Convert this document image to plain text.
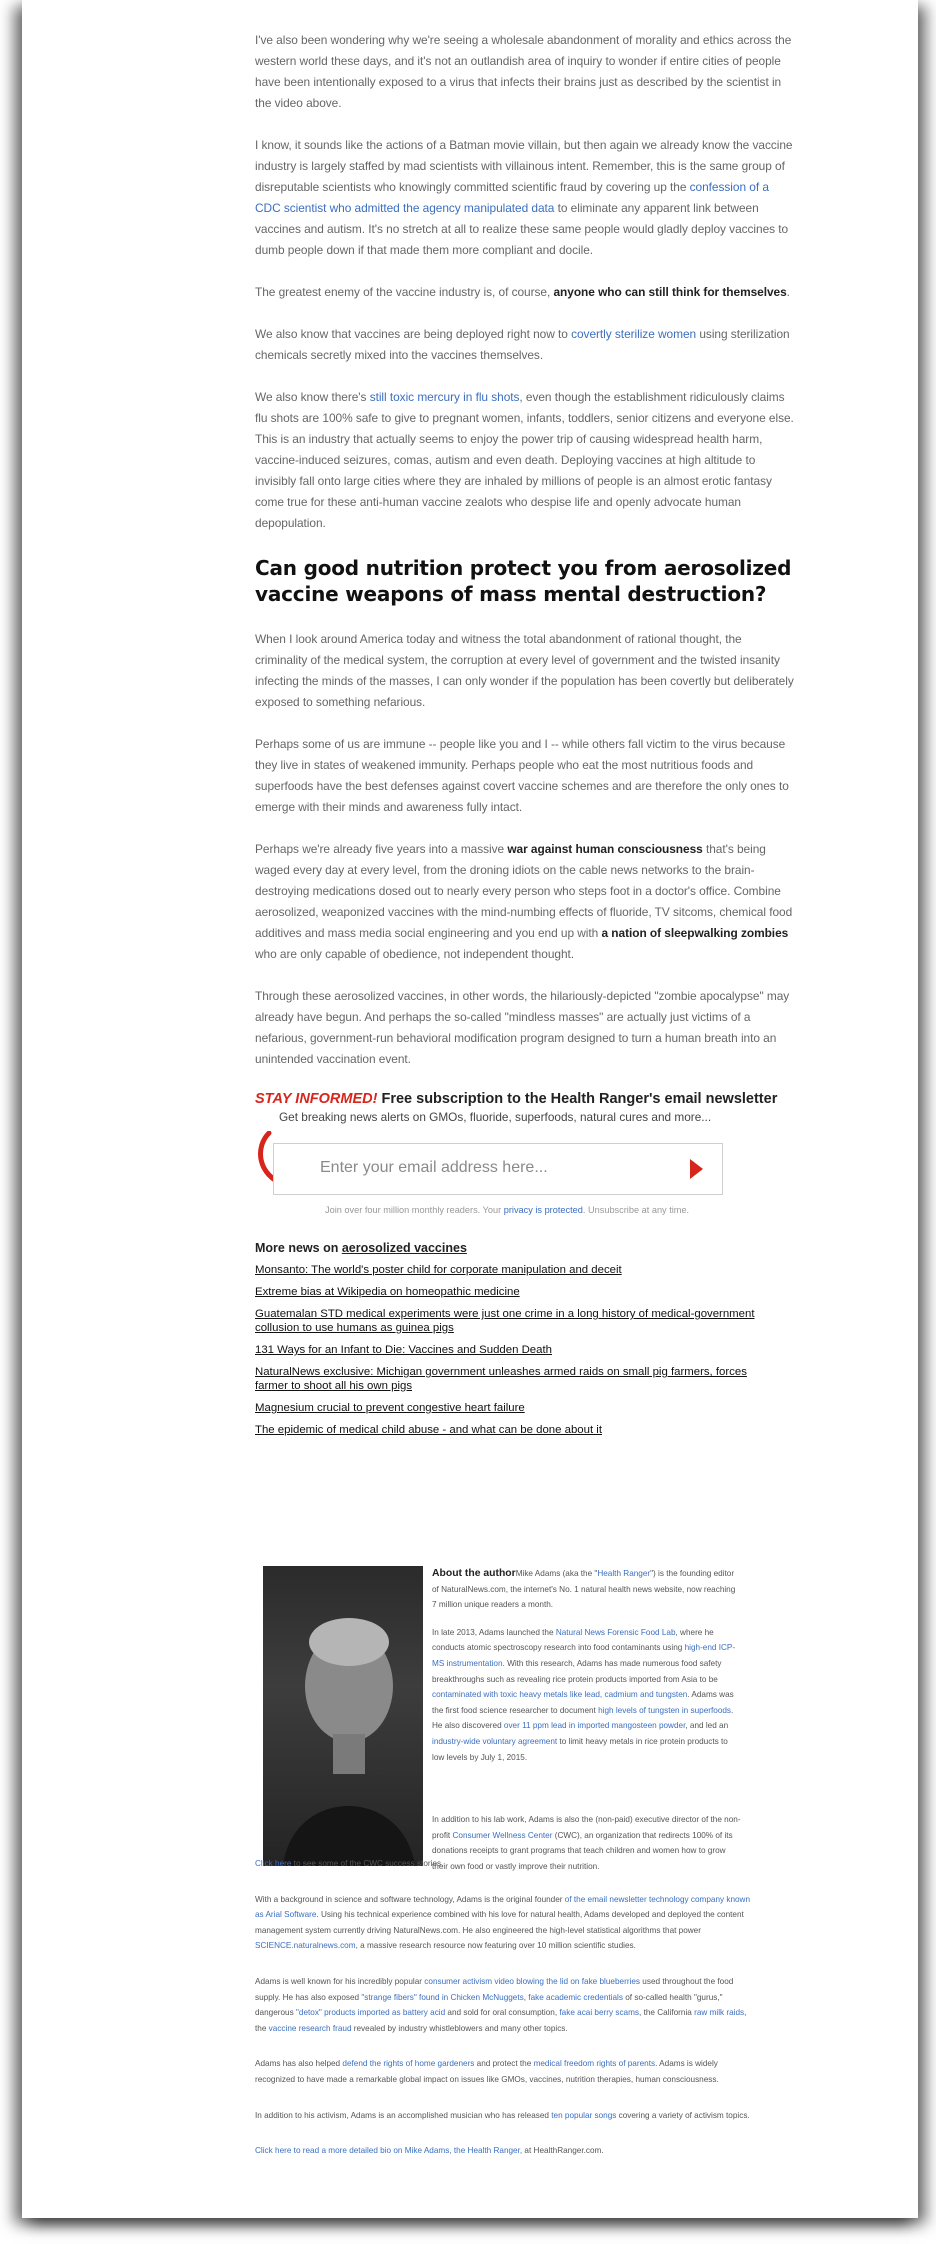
I've also been wondering why we're seeing a wholesale abandonment of morality and ethics across the western world these days, and it's not an outlandish area of inquiry to wonder if entire cities of people have been intentionally exposed to a virus that infects their brains just as described by the scientist in the video above.

I know, it sounds like the actions of a Batman movie villain, but then again we already know the vaccine industry is largely staffed by mad scientists with villainous intent. Remember, this is the same group of disreputable scientists who knowingly committed scientific fraud by covering up the confession of a CDC scientist who admitted the agency manipulated data to eliminate any apparent link between vaccines and autism. It's no stretch at all to realize these same people would gladly deploy vaccines to dumb people down if that made them more compliant and docile.

The greatest enemy of the vaccine industry is, of course, anyone who can still think for themselves.

We also know that vaccines are being deployed right now to covertly sterilize women using sterilization chemicals secretly mixed into the vaccines themselves.

We also know there's still toxic mercury in flu shots, even though the establishment ridiculously claims flu shots are 100% safe to give to pregnant women, infants, toddlers, senior citizens and everyone else. This is an industry that actually seems to enjoy the power trip of causing widespread health harm, vaccine-induced seizures, comas, autism and even death. Deploying vaccines at high altitude to invisibly fall onto large cities where they are inhaled by millions of people is an almost erotic fantasy come true for these anti-human vaccine zealots who despise life and openly advocate human depopulation.

Can good nutrition protect you from aerosolized vaccine weapons of mass mental destruction?

When I look around America today and witness the total abandonment of rational thought, the criminality of the medical system, the corruption at every level of government and the twisted insanity infecting the minds of the masses, I can only wonder if the population has been covertly but deliberately exposed to something nefarious.

Perhaps some of us are immune -- people like you and I -- while others fall victim to the virus because they live in states of weakened immunity. Perhaps people who eat the most nutritious foods and superfoods have the best defenses against covert vaccine schemes and are therefore the only ones to emerge with their minds and awareness fully intact.

Perhaps we're already five years into a massive war against human consciousness that's being waged every day at every level, from the droning idiots on the cable news networks to the brain-destroying medications dosed out to nearly every person who steps foot in a doctor's office. Combine aerosolized, weaponized vaccines with the mind-numbing effects of fluoride, TV sitcoms, chemical food additives and mass media social engineering and you end up with a nation of sleepwalking zombies who are only capable of obedience, not independent thought.

Through these aerosolized vaccines, in other words, the hilariously-depicted "zombie apocalypse" may already have begun. And perhaps the so-called "mindless masses" are actually just victims of a nefarious, government-run behavioral modification program designed to turn a human breath into an unintended vaccination event.

STAY INFORMED! Free subscription to the Health Ranger's email newsletter
Get breaking news alerts on GMOs, fluoride, superfoods, natural cures and more...
Enter your email address here...
Join over four million monthly readers. Your privacy is protected. Unsubscribe at any time.
More news on aerosolized vaccines
Monsanto: The world's poster child for corporate manipulation and deceit
Extreme bias at Wikipedia on homeopathic medicine
Guatemalan STD medical experiments were just one crime in a long history of medical-government collusion to use humans as guinea pigs
131 Ways for an Infant to Die: Vaccines and Sudden Death
NaturalNews exclusive: Michigan government unleashes armed raids on small pig farmers, forces farmer to shoot all his own pigs
Magnesium crucial to prevent congestive heart failure
The epidemic of medical child abuse - and what can be done about it

About the authorMike Adams (aka the "Health Ranger") is the founding editor of NaturalNews.com, the internet's No. 1 natural health news website, now reaching 7 million unique readers a month.

In late 2013, Adams launched the Natural News Forensic Food Lab, where he conducts atomic spectroscopy research into food contaminants using high-end ICP-MS instrumentation. With this research, Adams has made numerous food safety breakthroughs such as revealing rice protein products imported from Asia to be contaminated with toxic heavy metals like lead, cadmium and tungsten. Adams was the first food science researcher to document high levels of tungsten in superfoods. He also discovered over 11 ppm lead in imported mangosteen powder, and led an industry-wide voluntary agreement to limit heavy metals in rice protein products to low levels by July 1, 2015.

In addition to his lab work, Adams is also the (non-paid) executive director of the non-profit Consumer Wellness Center (CWC), an organization that redirects 100% of its donations receipts to grant programs that teach children and women how to grow their own food or vastly improve their nutrition.

Click here to see some of the CWC success stories.

With a background in science and software technology, Adams is the original founder of the email newsletter technology company known as Arial Software. Using his technical experience combined with his love for natural health, Adams developed and deployed the content management system currently driving NaturalNews.com. He also engineered the high-level statistical algorithms that power SCIENCE.naturalnews.com, a massive research resource now featuring over 10 million scientific studies.

Adams is well known for his incredibly popular consumer activism video blowing the lid on fake blueberries used throughout the food supply. He has also exposed "strange fibers" found in Chicken McNuggets, fake academic credentials of so-called health "gurus," dangerous "detox" products imported as battery acid and sold for oral consumption, fake acai berry scams, the California raw milk raids, the vaccine research fraud revealed by industry whistleblowers and many other topics.

Adams has also helped defend the rights of home gardeners and protect the medical freedom rights of parents. Adams is widely recognized to have made a remarkable global impact on issues like GMOs, vaccines, nutrition therapies, human consciousness.

In addition to his activism, Adams is an accomplished musician who has released ten popular songs covering a variety of activism topics.

Click here to read a more detailed bio on Mike Adams, the Health Ranger, at HealthRanger.com.
